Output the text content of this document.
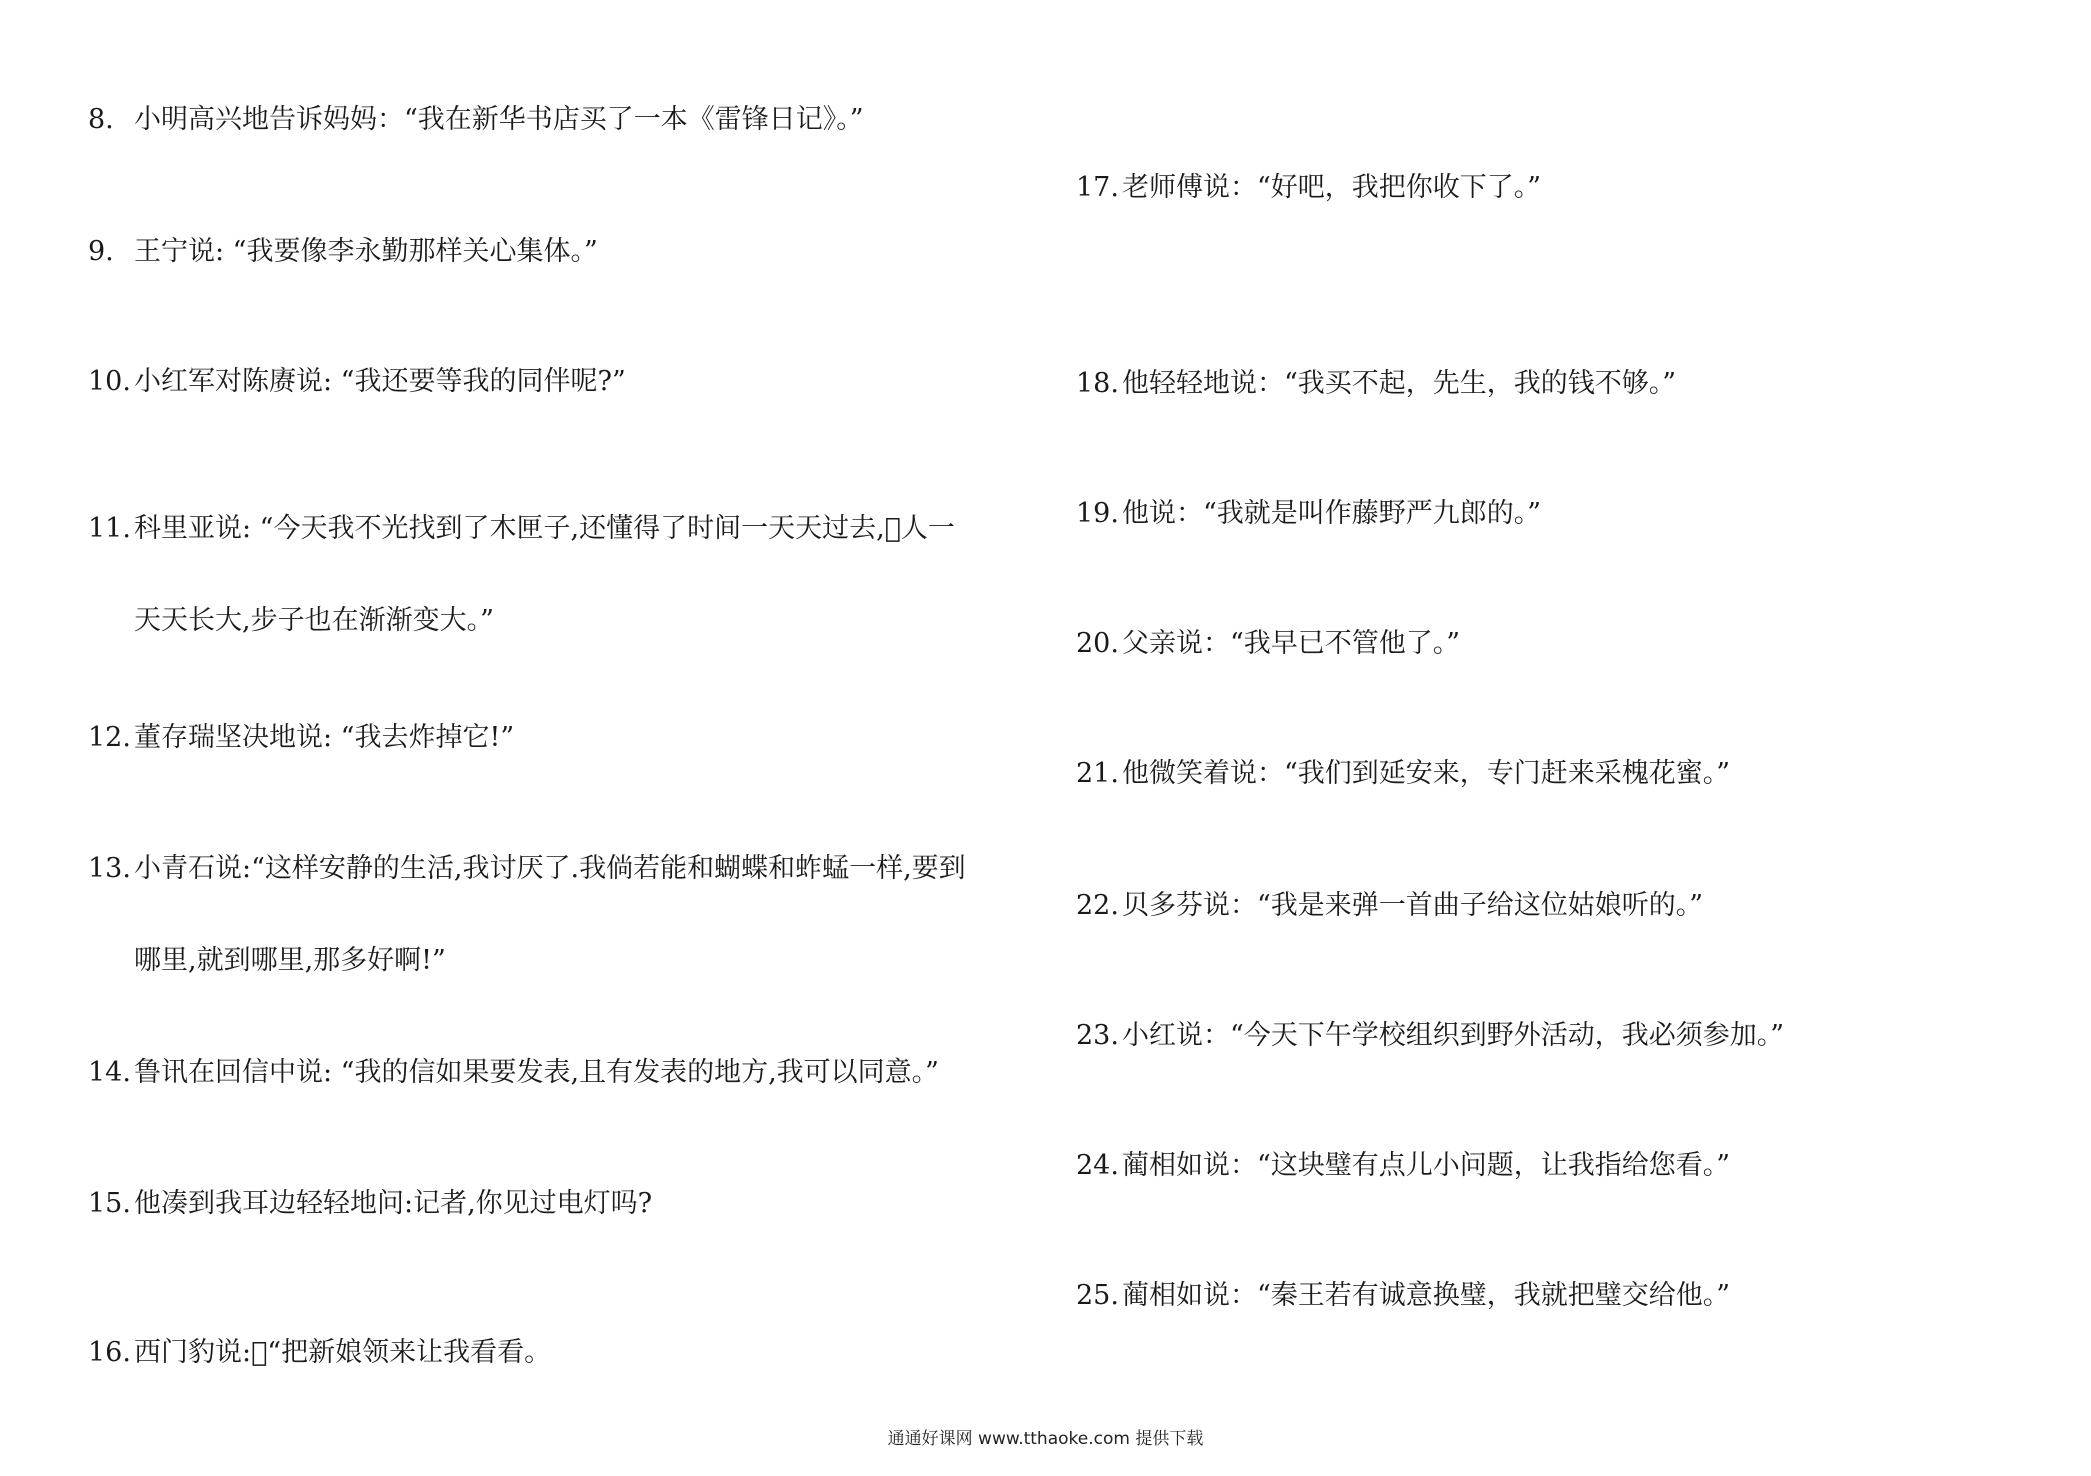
8. 小明高兴地告诉妈妈：“我在新华书店买了一本《雷锋日记》。”
9. 王宁说: “我要像李永勤那样关心集体。”
10. 小红军对陈赓说: “我还要等我的同伴呢?”
11. 科里亚说: “今天我不光找到了木匣子,还懂得了时间一天天过去, 人一
天天长大,步子也在渐渐变大。”
12. 董存瑞坚决地说: “我去炸掉它!”
13. 小青石说:“这样安静的生活,我讨厌了.我倘若能和蝴蝶和蚱蜢一样,要到
哪里,就到哪里,那多好啊!”
14. 鲁讯在回信中说: “我的信如果要发表,且有发表的地方,我可以同意。”
15. 他凑到我耳边轻轻地问:记者,你见过电灯吗?
16. 西门豹说: “把新娘领来让我看看。
17. 老师傅说：“好吧，我把你收下了。”
18. 他轻轻地说：“我买不起，先生，我的钱不够。”
19. 他说：“我就是叫作藤野严九郎的。”
20. 父亲说：“我早已不管他了。”
21. 他微笑着说：“我们到延安来，专门赶来采槐花蜜。”
22. 贝多芬说：“我是来弹一首曲子给这位姑娘听的。”
23. 小红说：“今天下午学校组织到野外活动，我必须参加。”
24. 蔺相如说：“这块璧有点儿小问题，让我指给您看。”
25. 蔺相如说：“秦王若有诚意换璧，我就把璧交给他。”
通通好课网 www.tthaoke.com 提供下载
